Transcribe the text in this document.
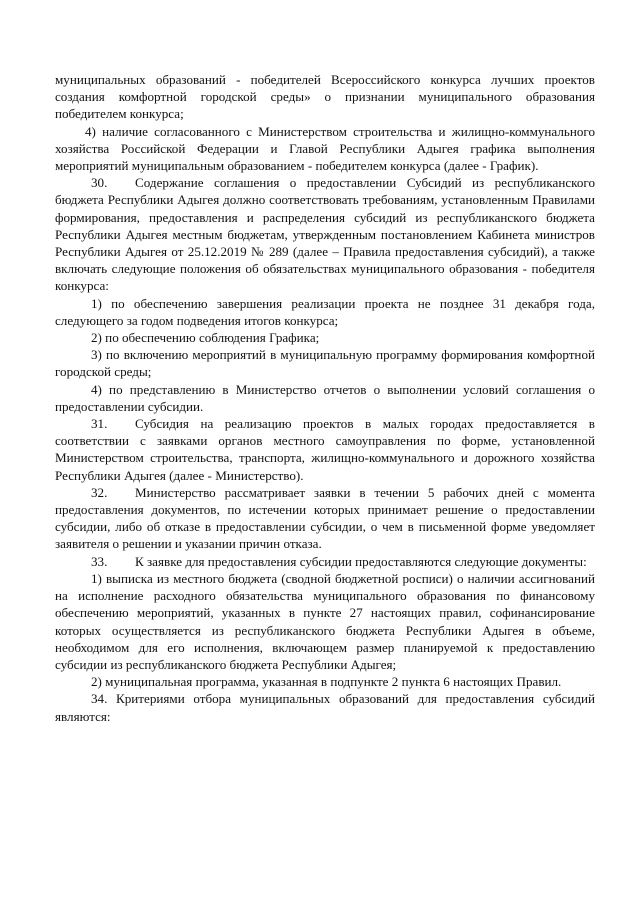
муниципальных образований - победителей Всероссийского конкурса лучших проектов создания комфортной городской среды» о признании муниципального образования победителем конкурса;

4) наличие согласованного с Министерством строительства и жилищно-коммунального хозяйства Российской Федерации и Главой Республики Адыгея графика выполнения мероприятий муниципальным образованием - победителем конкурса (далее - График).

30. Содержание соглашения о предоставлении Субсидий из республиканского бюджета Республики Адыгея должно соответствовать требованиям, установленным Правилами формирования, предоставления и распределения субсидий из республиканского бюджета Республики Адыгея местным бюджетам, утвержденным постановлением Кабинета министров Республики Адыгея от 25.12.2019 № 289 (далее – Правила предоставления субсидий), а также включать следующие положения об обязательствах муниципального образования - победителя конкурса:

1) по обеспечению завершения реализации проекта не позднее 31 декабря года, следующего за годом подведения итогов конкурса;

2) по обеспечению соблюдения Графика;

3) по включению мероприятий в муниципальную программу формирования комфортной городской среды;

4) по представлению в Министерство отчетов о выполнении условий соглашения о предоставлении субсидии.

31. Субсидия на реализацию проектов в малых городах предоставляется в соответствии с заявками органов местного самоуправления по форме, установленной Министерством строительства, транспорта, жилищно-коммунального и дорожного хозяйства Республики Адыгея (далее - Министерство).

32. Министерство рассматривает заявки в течении 5 рабочих дней с момента предоставления документов, по истечении которых принимает решение о предоставлении субсидии, либо об отказе в предоставлении субсидии, о чем в письменной форме уведомляет заявителя о решении и указании причин отказа.

33. К заявке для предоставления субсидии предоставляются следующие документы:

1) выписка из местного бюджета (сводной бюджетной росписи) о наличии ассигнований на исполнение расходного обязательства муниципального образования по финансовому обеспечению мероприятий, указанных в пункте 27 настоящих правил, софинансирование которых осуществляется из республиканского бюджета Республики Адыгея в объеме, необходимом для его исполнения, включающем размер планируемой к предоставлению субсидии из республиканского бюджета Республики Адыгея;

2) муниципальная программа, указанная в подпункте 2 пункта 6 настоящих Правил.

34. Критериями отбора муниципальных образований для предоставления субсидий являются:
